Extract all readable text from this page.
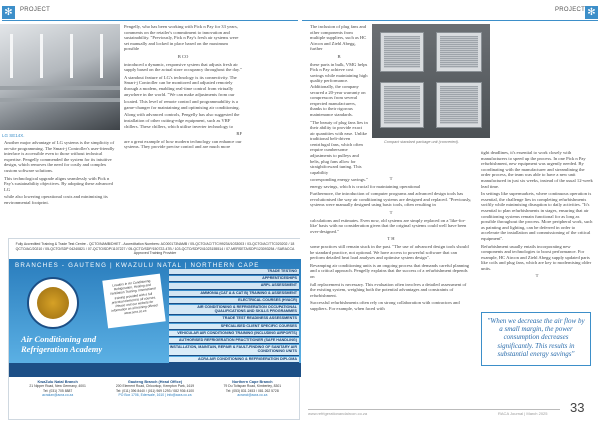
✻	PROJECT	✻
PROJECT
LG SE14X.

Another major advantage of LG systems is the simplicity of on-site programming. The Smart-j Controller's user-friendly interface is accessible even to those without technical expertise. Pengelly commended the system for its intuitive design, which removes the need for costly and complex custom software solutions.

This technological upgrade aligns seamlessly with Pick n Pay's sustainability objectives. By adopting these advanced LG

while also lowering operational costs and minimising its environmental footprint.

Pengelly, who has been working with Pick n Pay for 33 years, comments on the retailer's commitment to innovation and sustainability. "Previously, Pick n Pay's fresh air systems were set manually and locked in place based on the maximum possible

B CO

introduced a dynamic, responsive system that adjusts fresh air supply based on the actual store occupancy throughout the day."

A standout feature of LG's technology is its connectivity. The Smart-j Controller can be monitored and adjusted remotely through a modem, enabling real-time control from virtually anywhere in the world. "We can make adjustments from our

located. This level of remote control and programmability is a game-changer for maintaining and optimising air conditioning.

Along with advanced controls, Pengelly has also suggested the installation of other cutting-edge equipment, such as VRF chillers. These chillers, which utilise inverter technology to

RF

are a great example of how modern technology can enhance our systems. They provide precise control and are much more

The inclusion of plug fans and other components from multiple suppliers, such as HC Aircon and Ziehl Abegg, further

B

these parts in bulk, VMG helps Pick n Pay achieve cost savings while maintaining high quality performance. Additionally, the company secured a 20-year warranty on compressors from several respected manufacturers, thanks to their rigorous maintenance standards.

"The beauty of plug fans lies in their ability to provide exact air quantities with ease. Unlike traditional belt-driven centrifugal fans, which often require cumbersome adjustments to pulleys and belts, plug fans allow for straightforward tuning. This capability

corresponding energy savings."

Compact standard package unit (converted).

T

energy savings, which is crucial for maintaining operational

Furthermore, the introduction of computer programs and advanced design tools has revolutionised the way air conditioning systems are designed and replaced. "Previously, systems were manually designed using basic tools, often resulting in

T

calculations and estimates. Even now, old systems are simply replaced on a 'like-for-like' basis with no consideration given that the original systems could well have been over-designed."

T H

some practices still remain stuck in the past. "The use of advanced design tools should be standard practice, not optional. We have access to powerful software that can perform detailed heat load analyses and optimise system design".

Revamping air conditioning units is an ongoing process that demands careful planning and a critical approach. Pengelly explains that the success of a refurbishment depends on

full replacement is necessary. This evaluation often involves a detailed assessment of the existing system, weighing both the potential advantages and constraints of refurbishment.

Successful refurbishments often rely on strong collaboration with contractors and suppliers. For example, when faced with

tight deadlines, it's essential to work closely with manufacturers to speed up the process. In one Pick n Pay refurbishment, new equipment was urgently needed. By coordinating with the manufacturer and streamlining the order process, the team was able to have a new unit manufactured in just six weeks, instead of the usual 12-week lead time.

In settings like supermarkets, where continuous operation is essential, the challenge lies in completing refurbishments swiftly while minimising disruption to daily activities. "It's essential to plan refurbishments in stages, ensuring that air conditioning systems remain functional for as long as possible throughout the process. More peripheral work, such as painting and lighting, can be deferred in order to accelerate the installation and commissioning of the critical equipment".

Refurbishment usually entails incorporating new components and technologies to boost performance. For example, HC Aircon and Ziehl Abegg supply updated parts like coils and plug fans, which are key to modernising older units.

T

"When we decrease the air flow by a small margin, the power consumption decreases significantly. This results in substantial energy savings"
Fully Accredited Training & Trade Test Centre - QCTO/NAMB/DHET - Accreditation Numbers: AC000173NAMB / 05-QCTO/AC/TTC/99234/1033003 / 03-QCTO/AC/TTC020202 / 18 QCTO/AC/20210 / 05-QCTO/SDP 04240821 / 07-QCTO/SDP/1107227 / 05-QCTO/SDP/150722-47B / 103-QCTO/SDP241023155514 / 07-MERSETA/SDP/123093254 / SARACCA Approved Training Provider
BRANCHES - GAUTENG | KWAZULU NATAL | NORTHERN CAPE
Air Conditioning and Refrigeration Academy
Leaders in Air Conditioning, Refrigeration, Heating and Ventilation Training. International training provided with a full practical element to all courses. Please visit our website for information on all training offered. www.acra.co.za
TRADE TESTING
APPRENTICESHIPS
ARPL ASSESSMENT
AMMONIA (CAT A & CAT B) TRAINING & ASSESSMENT
ELECTRICAL COURSES (HVACR)
AIR CONDITIONING & REFRIGERATION OCCUPATIONAL QUALIFICATIONS AND SKILLS PROGRAMMES
TRADE TEST READINESS ASSESSMENTS
SPECIALISED CLIENT SPECIFIC COURSES
VEHICULAR AIR CONDITIONING TRAINING (INCLUDING AIRPORTS)
AUTHORISED REFRIGERATION PRACTITIONER (SAFE HANDLING)
INSTALLATION, MAINTAIN, REPAIR & FAULT-FINDING OF SANITARY AIR CONDITIONING UNITS
ACRA AIR CONDITIONING & REFRIGERATION DIPLOMA
KwaZulu Natal Branch
21 Nipper Road, New Germany, 4001
Tel: (031) 705 8887
acrakzn@acra.co.za
Gauteng Branch (Head Office)
200 Element Road, Chloorkop, Kempton Park, 1619
Tel: (011) 396 8440 / (011) 969 1293 / 082 936 4100
PO Box 1706, Edenvale, 1610 | info@acra.co.za
Northern Cape Branch
79 Du Toitspan Road, Kimberley, 8301
Tel: (053) 831 2453 / 081 262 5728
acrancl@acra.co.za
www.refrigerationandaircon.co.za	RACA Journal | March 2025 33
